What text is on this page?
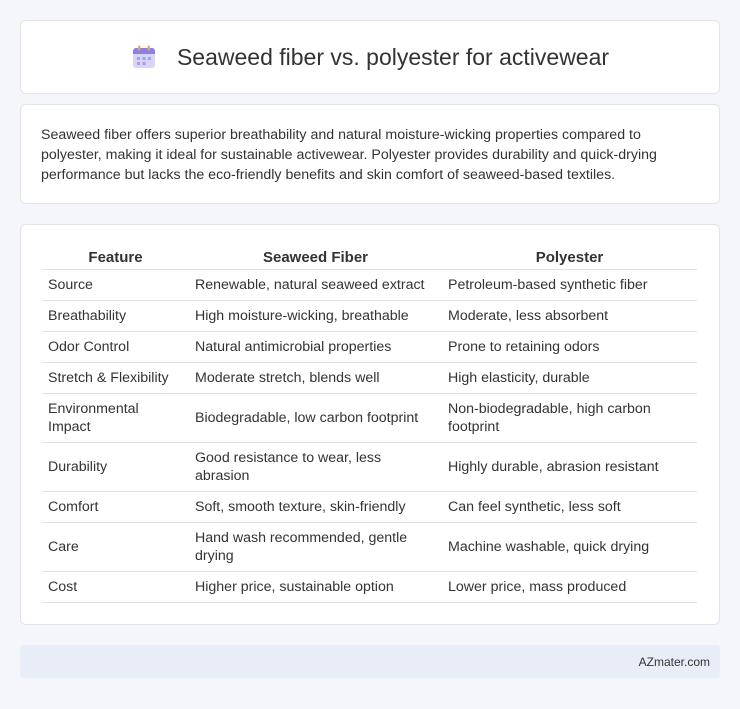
Seaweed fiber vs. polyester for activewear

Seaweed fiber offers superior breathability and natural moisture-wicking properties compared to polyester, making it ideal for sustainable activewear. Polyester provides durability and quick-drying performance but lacks the eco-friendly benefits and skin comfort of seaweed-based textiles.

Feature	Seaweed Fiber	Polyester
Source	Renewable, natural seaweed extract	Petroleum-based synthetic fiber
Breathability	High moisture-wicking, breathable	Moderate, less absorbent
Odor Control	Natural antimicrobial properties	Prone to retaining odors
Stretch & Flexibility	Moderate stretch, blends well	High elasticity, durable
Environmental Impact	Biodegradable, low carbon footprint	Non-biodegradable, high carbon footprint
Durability	Good resistance to wear, less abrasion	Highly durable, abrasion resistant
Comfort	Soft, smooth texture, skin-friendly	Can feel synthetic, less soft
Care	Hand wash recommended, gentle drying	Machine washable, quick drying
Cost	Higher price, sustainable option	Lower price, mass produced
AZmater.com
